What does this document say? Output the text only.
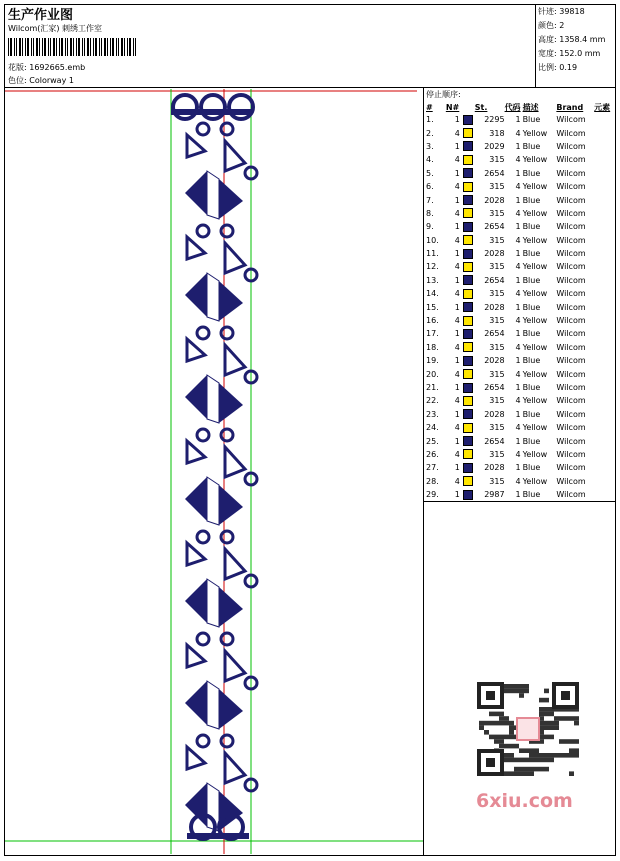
生产作业图
Wilcom(汇家) 刺绣工作室
花版: 1692665.emb
色位: Colorway 1
针迹: 39818
颜色: 2
高度: 1358.4 mm
宽度: 152.0 mm
比例: 0.19
停止顺序:
#	N#		St.	代码	描述	Brand	元素
1.	1		2295	1	Blue	Wilcom	
2.	4		318	4	Yellow	Wilcom	
3.	1		2029	1	Blue	Wilcom	
4.	4		315	4	Yellow	Wilcom	
5.	1		2654	1	Blue	Wilcom	
6.	4		315	4	Yellow	Wilcom	
7.	1		2028	1	Blue	Wilcom	
8.	4		315	4	Yellow	Wilcom	
9.	1		2654	1	Blue	Wilcom	
10.	4		315	4	Yellow	Wilcom	
11.	1		2028	1	Blue	Wilcom	
12.	4		315	4	Yellow	Wilcom	
13.	1		2654	1	Blue	Wilcom	
14.	4		315	4	Yellow	Wilcom	
15.	1		2028	1	Blue	Wilcom	
16.	4		315	4	Yellow	Wilcom	
17.	1		2654	1	Blue	Wilcom	
18.	4		315	4	Yellow	Wilcom	
19.	1		2028	1	Blue	Wilcom	
20.	4		315	4	Yellow	Wilcom	
21.	1		2654	1	Blue	Wilcom	
22.	4		315	4	Yellow	Wilcom	
23.	1		2028	1	Blue	Wilcom	
24.	4		315	4	Yellow	Wilcom	
25.	1		2654	1	Blue	Wilcom	
26.	4		315	4	Yellow	Wilcom	
27.	1		2028	1	Blue	Wilcom	
28.	4		315	4	Yellow	Wilcom	
29.	1		2987	1	Blue	Wilcom	
6xiu.com
